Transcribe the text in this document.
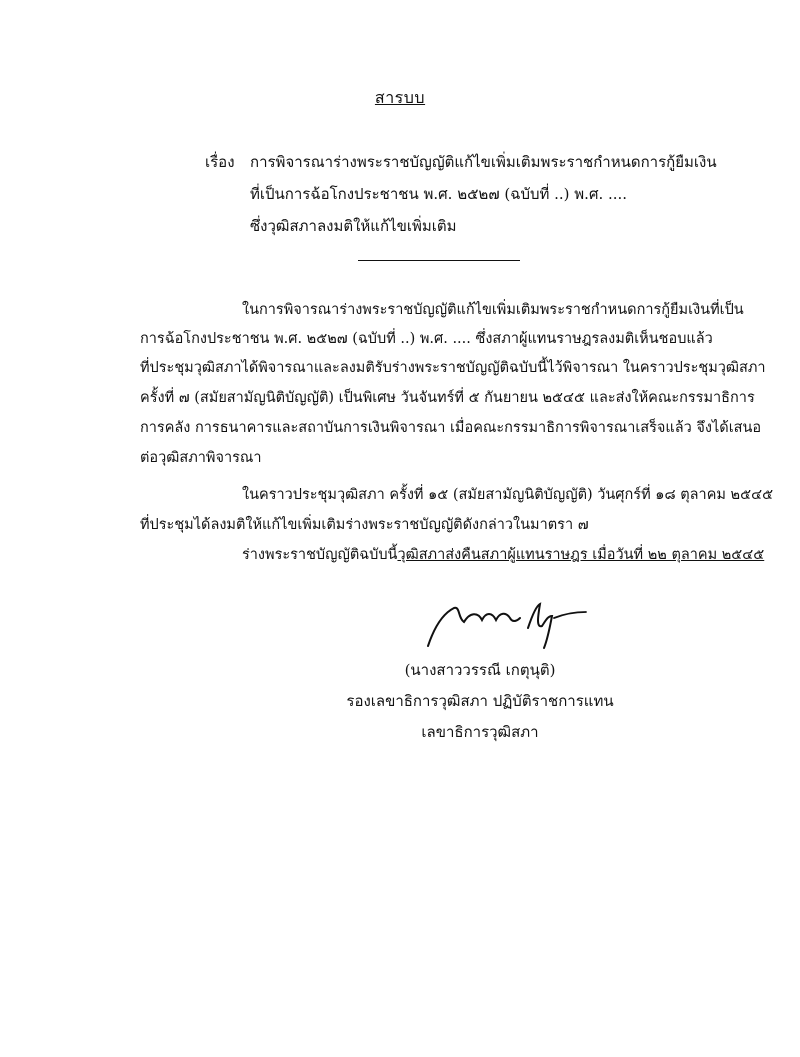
สารบบ
เรื่อง การพิจารณาร่างพระราชบัญญัติแก้ไขเพิ่มเติมพระราชกำหนดการกู้ยืมเงิน
ที่เป็นการฉ้อโกงประชาชน พ.ศ. ๒๕๒๗ (ฉบับที่ ..) พ.ศ. ....
ซึ่งวุฒิสภาลงมติให้แก้ไขเพิ่มเติม
ในการพิจารณาร่างพระราชบัญญัติแก้ไขเพิ่มเติมพระราชกำหนดการกู้ยืมเงินที่เป็น
การฉ้อโกงประชาชน พ.ศ. ๒๕๒๗ (ฉบับที่ ..) พ.ศ. .... ซึ่งสภาผู้แทนราษฎรลงมติเห็นชอบแล้ว
ที่ประชุมวุฒิสภาได้พิจารณาและลงมติรับร่างพระราชบัญญัติฉบับนี้ไว้พิจารณา ในคราวประชุมวุฒิสภา
ครั้งที่ ๗ (สมัยสามัญนิติบัญญัติ) เป็นพิเศษ วันจันทร์ที่ ๕ กันยายน ๒๕๔๕ และส่งให้คณะกรรมาธิการ
การคลัง การธนาคารและสถาบันการเงินพิจารณา เมื่อคณะกรรมาธิการพิจารณาเสร็จแล้ว จึงได้เสนอ
ต่อวุฒิสภาพิจารณา
ในคราวประชุมวุฒิสภา ครั้งที่ ๑๕ (สมัยสามัญนิติบัญญัติ) วันศุกร์ที่ ๑๘ ตุลาคม ๒๕๔๕
ที่ประชุมได้ลงมติให้แก้ไขเพิ่มเติมร่างพระราชบัญญัติดังกล่าวในมาตรา ๗
ร่างพระราชบัญญัติฉบับนี้วุฒิสภาส่งคืนสภาผู้แทนราษฎร เมื่อวันที่ ๒๒ ตุลาคม ๒๕๔๕
(นางสาววรรณี เกตุนุติ)
รองเลขาธิการวุฒิสภา ปฏิบัติราชการแทน
เลขาธิการวุฒิสภา
